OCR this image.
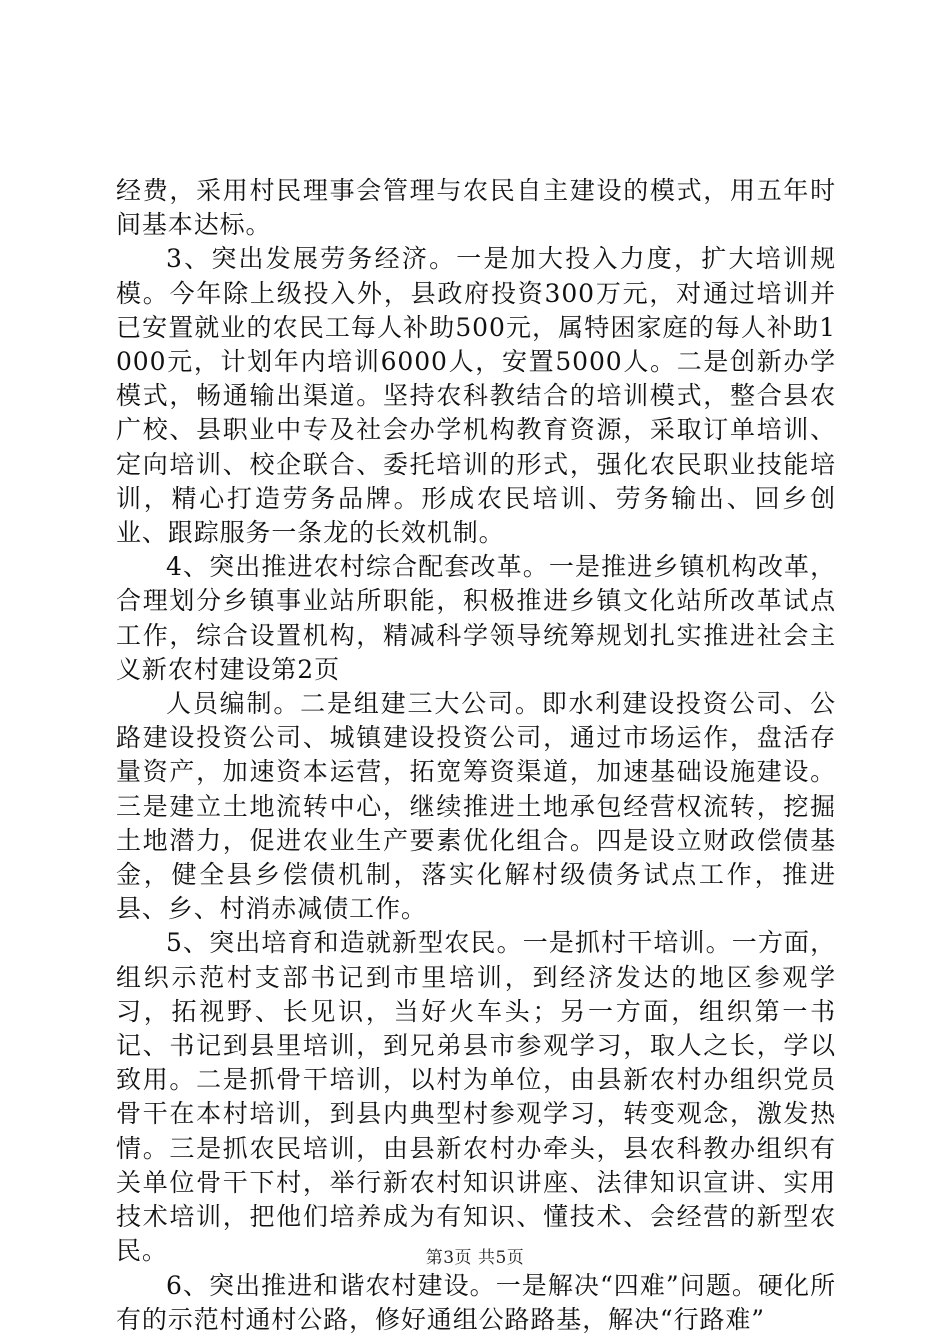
经费，采用村民理事会管理与农民自主建设的模式，用五年时间基本达标。

3、突出发展劳务经济。一是加大投入力度，扩大培训规模。今年除上级投入外，县政府投资300万元，对通过培训并已安置就业的农民工每人补助500元，属特困家庭的每人补助1000元，计划年内培训6000人，安置5000人。二是创新办学模式，畅通输出渠道。坚持农科教结合的培训模式，整合县农广校、县职业中专及社会办学机构教育资源，采取订单培训、定向培训、校企联合、委托培训的形式，强化农民职业技能培训，精心打造劳务品牌。形成农民培训、劳务输出、回乡创业、跟踪服务一条龙的长效机制。

4、突出推进农村综合配套改革。一是推进乡镇机构改革，合理划分乡镇事业站所职能，积极推进乡镇文化站所改革试点工作，综合设置机构，精减科学领导统筹规划扎实推进社会主义新农村建设第2页

人员编制。二是组建三大公司。即水利建设投资公司、公路建设投资公司、城镇建设投资公司，通过市场运作，盘活存量资产，加速资本运营，拓宽筹资渠道，加速基础设施建设。三是建立土地流转中心，继续推进土地承包经营权流转，挖掘土地潜力，促进农业生产要素优化组合。四是设立财政偿债基金，健全县乡偿债机制，落实化解村级债务试点工作，推进县、乡、村消赤减债工作。

5、突出培育和造就新型农民。一是抓村干培训。一方面，组织示范村支部书记到市里培训，到经济发达的地区参观学习，拓视野、长见识，当好火车头；另一方面，组织第一书记、书记到县里培训，到兄弟县市参观学习，取人之长，学以致用。二是抓骨干培训，以村为单位，由县新农村办组织党员骨干在本村培训，到县内典型村参观学习，转变观念，激发热情。三是抓农民培训，由县新农村办牵头，县农科教办组织有关单位骨干下村，举行新农村知识讲座、法律知识宣讲、实用技术培训，把他们培养成为有知识、懂技术、会经营的新型农民。

6、突出推进和谐农村建设。一是解决“四难”问题。硬化所有的示范村通村公路，修好通组公路路基，解决“行路难”

第3页 共5页
